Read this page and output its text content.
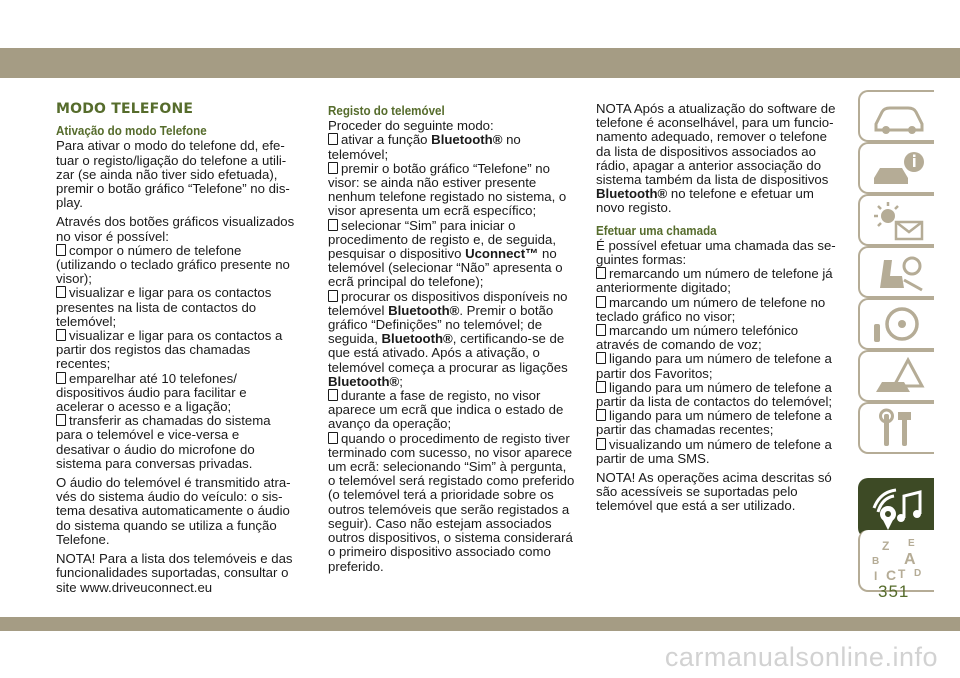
MODO TELEFONE
Ativação do modo Telefone

Para ativar o modo do telefone dd, efe-tuar o registo/ligação do telefone a utili-zar (se ainda não tiver sido efetuada), premir o botão gráfico “Telefone” no dis-play.

Através dos botões gráficos visualizados no visor é possível:

compor o número de telefone (utilizando o teclado gráfico presente no visor);
visualizar e ligar para os contactos presentes na lista de contactos do telemóvel;
visualizar e ligar para os contactos a partir dos registos das chamadas recentes;
emparelhar até 10 telefones/ dispositivos áudio para facilitar e acelerar o acesso e a ligação;
transferir as chamadas do sistema para o telemóvel e vice-versa e desativar o áudio do microfone do sistema para conversas privadas.

O áudio do telemóvel é transmitido atra-vés do sistema áudio do veículo: o sis-tema desativa automaticamente o áudio do sistema quando se utiliza a função Telefone.

NOTA! Para a lista dos telemóveis e das funcionalidades suportadas, consultar o site www.driveuconnect.eu

Registo do telemóvel

Proceder do seguinte modo:

ativar a função Bluetooth® no telemóvel;
premir o botão gráfico “Telefone” no visor: se ainda não estiver presente nenhum telefone registado no sistema, o visor apresenta um ecrã específico;
selecionar “Sim” para iniciar o procedimento de registo e, de seguida, pesquisar o dispositivo Uconnect™ no telemóvel (selecionar “Não” apresenta o ecrã principal do telefone);
procurar os dispositivos disponíveis no telemóvel Bluetooth®. Premir o botão gráfico “Definições” no telemóvel; de seguida, Bluetooth®, certificando-se de que está ativado. Após a ativação, o telemóvel começa a procurar as ligações Bluetooth®;
durante a fase de registo, no visor aparece um ecrã que indica o estado de avanço da operação;
quando o procedimento de registo tiver terminado com sucesso, no visor aparece um ecrã: selecionando “Sim” à pergunta, o telemóvel será registado como preferido (o telemóvel terá a prioridade sobre os outros telemóveis que serão registados a seguir). Caso não estejam associados outros dispositivos, o sistema considerará o primeiro dispositivo associado como preferido.

NOTA Após a atualização do software de telefone é aconselhável, para um funcio-namento adequado, remover o telefone da lista de dispositivos associados ao rádio, apagar a anterior associação do sistema também da lista de dispositivos Bluetooth® no telefone e efetuar um novo registo.

Efetuar uma chamada

É possível efetuar uma chamada das se-guintes formas:

remarcando um número de telefone já anteriormente digitado;
marcando um número de telefone no teclado gráfico no visor;
marcando um número telefónico através de comando de voz;
ligando para um número de telefone a partir dos Favoritos;
ligando para um número de telefone a partir da lista de contactos do telemóvel;
ligando para um número de telefone a partir das chamadas recentes;
visualizando um número de telefone a partir de uma SMS.

NOTA! As operações acima descritas só são acessíveis se suportadas pelo telemóvel que está a ser utilizado.

Z E
B A
I C T D
351
carmanualsonline.info
